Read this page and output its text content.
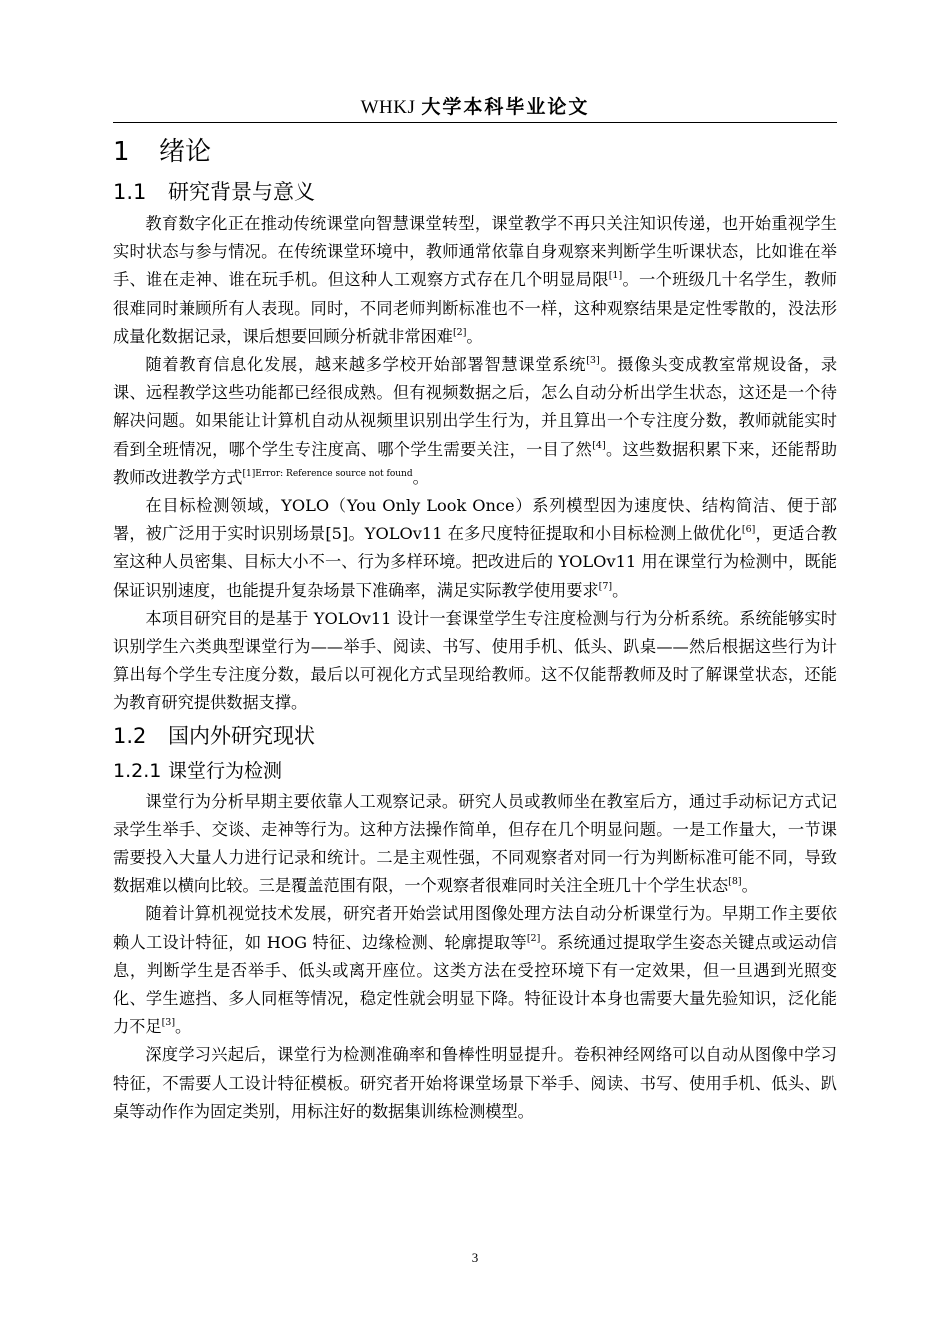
WHKJ 大学本科毕业论文
1 绪论
1.1 研究背景与意义

教育数字化正在推动传统课堂向智慧课堂转型，课堂教学不再只关注知识传递，也开始重视学生实时状态与参与情况。在传统课堂环境中，教师通常依靠自身观察来判断学生听课状态，比如谁在举手、谁在走神、谁在玩手机。但这种人工观察方式存在几个明显局限[1]。一个班级几十名学生，教师很难同时兼顾所有人表现。同时，不同老师判断标准也不一样，这种观察结果是定性零散的，没法形成量化数据记录，课后想要回顾分析就非常困难[2]。

随着教育信息化发展，越来越多学校开始部署智慧课堂系统[3]。摄像头变成教室常规设备，录课、远程教学这些功能都已经很成熟。但有视频数据之后，怎么自动分析出学生状态，这还是一个待解决问题。如果能让计算机自动从视频里识别出学生行为，并且算出一个专注度分数，教师就能实时看到全班情况，哪个学生专注度高、哪个学生需要关注，一目了然[4]。这些数据积累下来，还能帮助教师改进教学方式$^{[1]Error: Reference source not found}$。

在目标检测领域，YOLO（You Only Look Once）系列模型因为速度快、结构简洁、便于部署，被广泛用于实时识别场景[5]。YOLOv11 在多尺度特征提取和小目标检测上做优化[6]，更适合教室这种人员密集、目标大小不一、行为多样环境。把改进后的 YOLOv11 用在课堂行为检测中，既能保证识别速度，也能提升复杂场景下准确率，满足实际教学使用要求[7]。

本项目研究目的是基于 YOLOv11 设计一套课堂学生专注度检测与行为分析系统。系统能够实时识别学生六类典型课堂行为——举手、阅读、书写、使用手机、低头、趴桌——然后根据这些行为计算出每个学生专注度分数，最后以可视化方式呈现给教师。这不仅能帮教师及时了解课堂状态，还能为教育研究提供数据支撑。

1.2 国内外研究现状
1.2.1 课堂行为检测

课堂行为分析早期主要依靠人工观察记录。研究人员或教师坐在教室后方，通过手动标记方式记录学生举手、交谈、走神等行为。这种方法操作简单，但存在几个明显问题。一是工作量大，一节课需要投入大量人力进行记录和统计。二是主观性强，不同观察者对同一行为判断标准可能不同，导致数据难以横向比较。三是覆盖范围有限，一个观察者很难同时关注全班几十个学生状态[8]。

随着计算机视觉技术发展，研究者开始尝试用图像处理方法自动分析课堂行为。早期工作主要依赖人工设计特征，如 HOG 特征、边缘检测、轮廓提取等[2]。系统通过提取学生姿态关键点或运动信息，判断学生是否举手、低头或离开座位。这类方法在受控环境下有一定效果，但一旦遇到光照变化、学生遮挡、多人同框等情况，稳定性就会明显下降。特征设计本身也需要大量先验知识，泛化能力不足[3]。

深度学习兴起后，课堂行为检测准确率和鲁棒性明显提升。卷积神经网络可以自动从图像中学习特征，不需要人工设计特征模板。研究者开始将课堂场景下举手、阅读、书写、使用手机、低头、趴桌等动作作为固定类别，用标注好的数据集训练检测模型。

3
